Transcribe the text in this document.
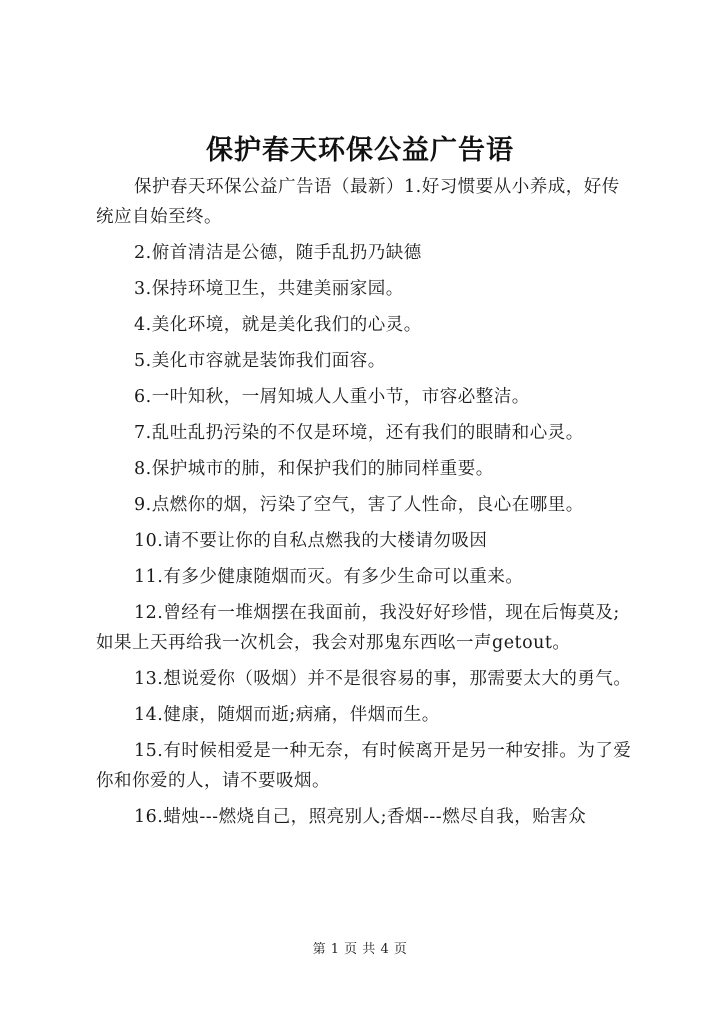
保护春天环保公益广告语

保护春天环保公益广告语（最新）1.好习惯要从小养成，好传统应自始至终。

2.俯首清洁是公德，随手乱扔乃缺德

3.保持环境卫生，共建美丽家园。

4.美化环境，就是美化我们的心灵。

5.美化市容就是装饰我们面容。

6.一叶知秋，一屑知城人人重小节，市容必整洁。

7.乱吐乱扔污染的不仅是环境，还有我们的眼睛和心灵。

8.保护城市的肺，和保护我们的肺同样重要。

9.点燃你的烟，污染了空气，害了人性命，良心在哪里。

10.请不要让你的自私点燃我的大楼请勿吸因

11.有多少健康随烟而灭。有多少生命可以重来。

12.曾经有一堆烟摆在我面前，我没好好珍惜，现在后悔莫及;如果上天再给我一次机会，我会对那鬼东西吆一声getout。

13.想说爱你（吸烟）并不是很容易的事，那需要太大的勇气。

14.健康，随烟而逝;病痛，伴烟而生。

15.有时候相爱是一种无奈，有时候离开是另一种安排。为了爱你和你爱的人，请不要吸烟。

16.蜡烛---燃烧自己，照亮别人;香烟---燃尽自我，贻害众

第 1 页 共 4 页
